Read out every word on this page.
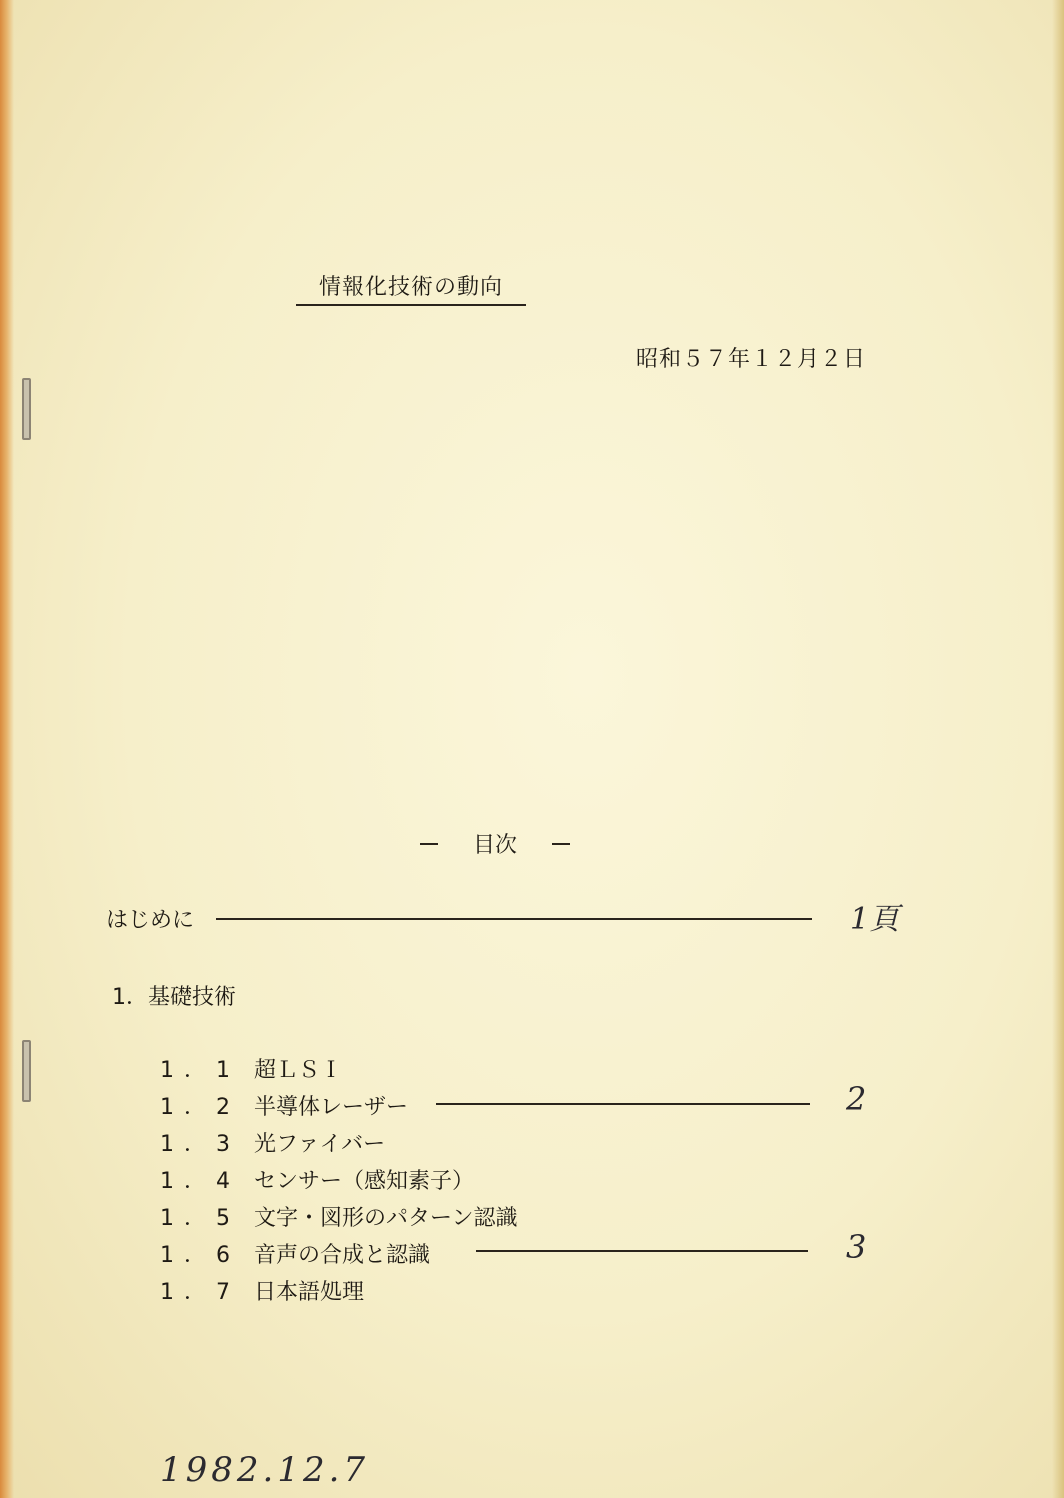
情報化技術の動向
昭和５７年１２月２日
目次
はじめに	1頁
1．基礎技術
1．1 超ＬＳＩ
1．2 半導体レーザー	2
1．3 光ファイバー
1．4 センサー（感知素子）
1．5 文字・図形のパターン認識
1．6 音声の合成と認識	3
1．7 日本語処理
1982.12.7
